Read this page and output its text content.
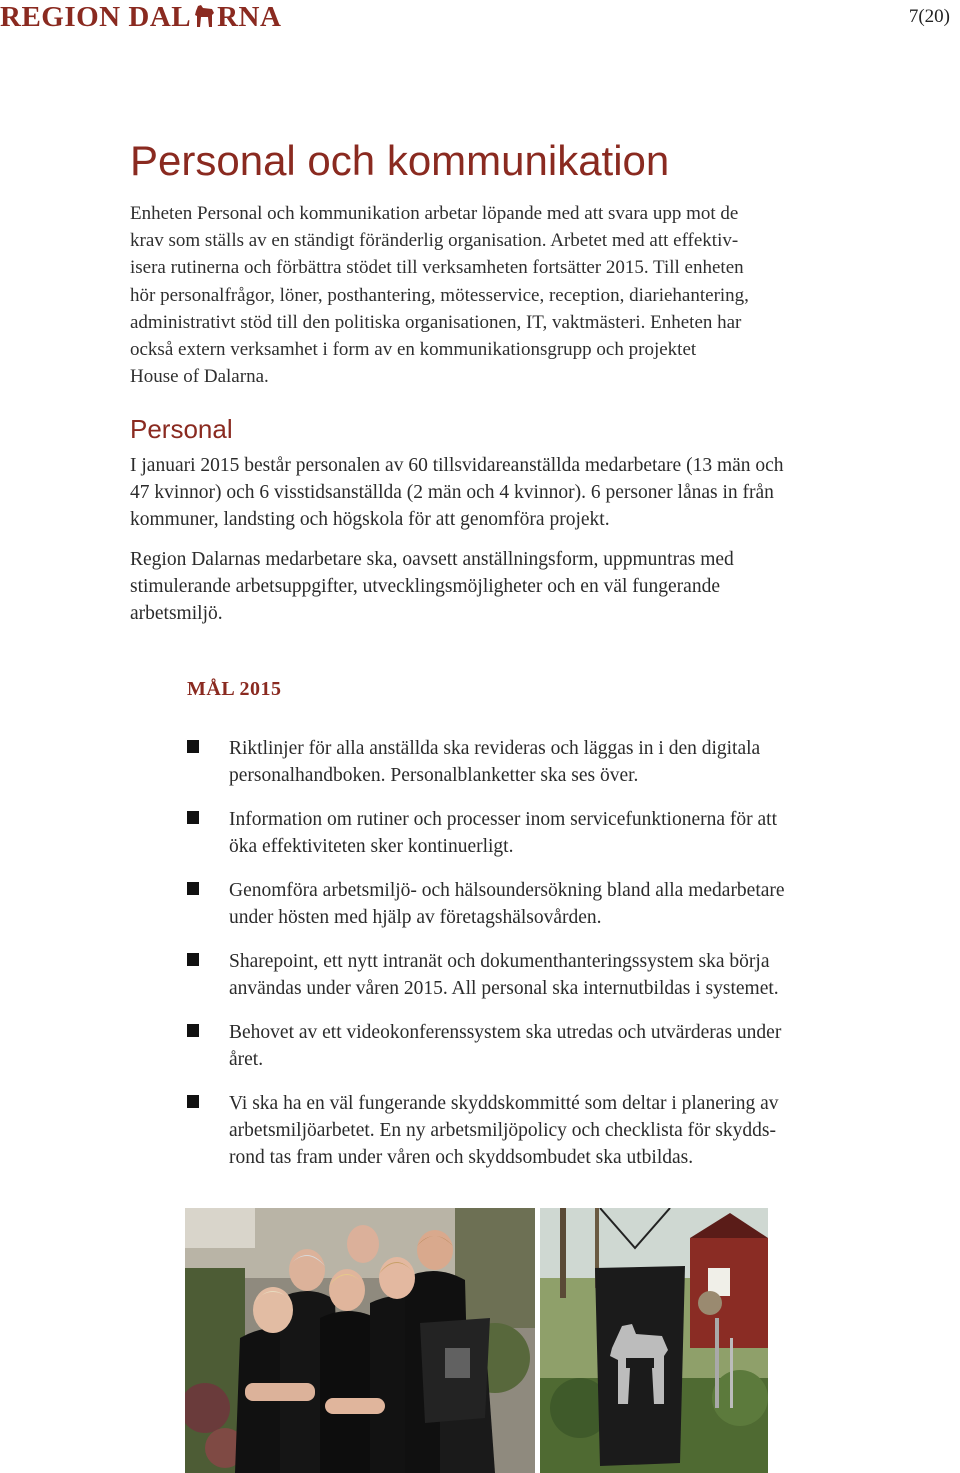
REGION DAL RNA	7(20)
Personal och kommunikation

Enheten Personal och kommunikation arbetar löpande med att svara upp mot de
krav som ställs av en ständigt föränderlig organisation. Arbetet med att effektiv-
isera rutinerna och förbättra stödet till verksamheten fortsätter 2015. Till enheten
hör personalfrågor, löner, posthantering, mötesservice, reception, diariehantering,
administrativt stöd till den politiska organisationen, IT, vaktmästeri. Enheten har
också extern verksamhet i form av en kommunikationsgrupp och projektet
House of Dalarna.

Personal

I januari 2015 består personalen av 60 tillsvidareanställda medarbetare (13 män och
47 kvinnor) och 6 visstidsanställda (2 män och 4 kvinnor). 6 personer lånas in från
kommuner, landsting och högskola för att genomföra projekt.

Region Dalarnas medarbetare ska, oavsett anställningsform, uppmuntras med
stimulerande arbetsuppgifter, utvecklingsmöjligheter och en väl fungerande
arbetsmiljö.

MÅL 2015
Riktlinjer för alla anställda ska revideras och läggas in i den digitala
personalhandboken. Personalblanketter ska ses över.
Information om rutiner och processer inom servicefunktionerna för att
öka effektiviteten sker kontinuerligt.
Genomföra arbetsmiljö- och hälsoundersökning bland alla medarbetare
under hösten med hjälp av företagshälsovården.
Sharepoint, ett nytt intranät och dokumenthanteringssystem ska börja
användas under våren 2015. All personal ska internutbildas i systemet.
Behovet av ett videokonferenssystem ska utredas och utvärderas under
året.
Vi ska ha en väl fungerande skyddskommitté som deltar i planering av
arbetsmiljöarbetet. En ny arbetsmiljöpolicy och checklista för skydds-
rond tas fram under våren och skyddsombudet ska utbildas.
